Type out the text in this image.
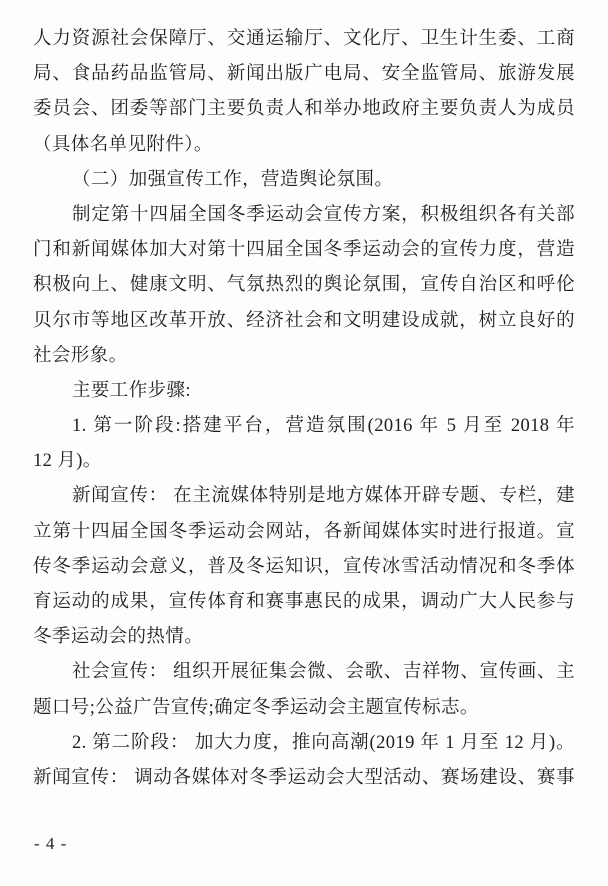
人力资源社会保障厅、交通运输厅、文化厅、卫生计生委、工商
局、食品药品监管局、新闻出版广电局、安全监管局、旅游发展
委员会、团委等部门主要负责人和举办地政府主要负责人为成员
（具体名单见附件）。
（二）加强宣传工作，营造舆论氛围。
制定第十四届全国冬季运动会宣传方案，积极组织各有关部
门和新闻媒体加大对第十四届全国冬季运动会的宣传力度，营造
积极向上、健康文明、气氛热烈的舆论氛围，宣传自治区和呼伦
贝尔市等地区改革开放、经济社会和文明建设成就，树立良好的
社会形象。
主要工作步骤:
1. 第一阶段:搭建平台，营造氛围(2016 年 5 月至 2018 年
12 月)。
新闻宣传： 在主流媒体特别是地方媒体开辟专题、专栏，建
立第十四届全国冬季运动会网站，各新闻媒体实时进行报道。宣
传冬季运动会意义，普及冬运知识，宣传冰雪活动情况和冬季体
育运动的成果，宣传体育和赛事惠民的成果，调动广大人民参与
冬季运动会的热情。
社会宣传： 组织开展征集会微、会歌、吉祥物、宣传画、主
题口号;公益广告宣传;确定冬季运动会主题宣传标志。
2. 第二阶段： 加大力度，推向高潮(2019 年 1 月至 12 月)。
新闻宣传： 调动各媒体对冬季运动会大型活动、赛场建设、赛事
- 4 -
